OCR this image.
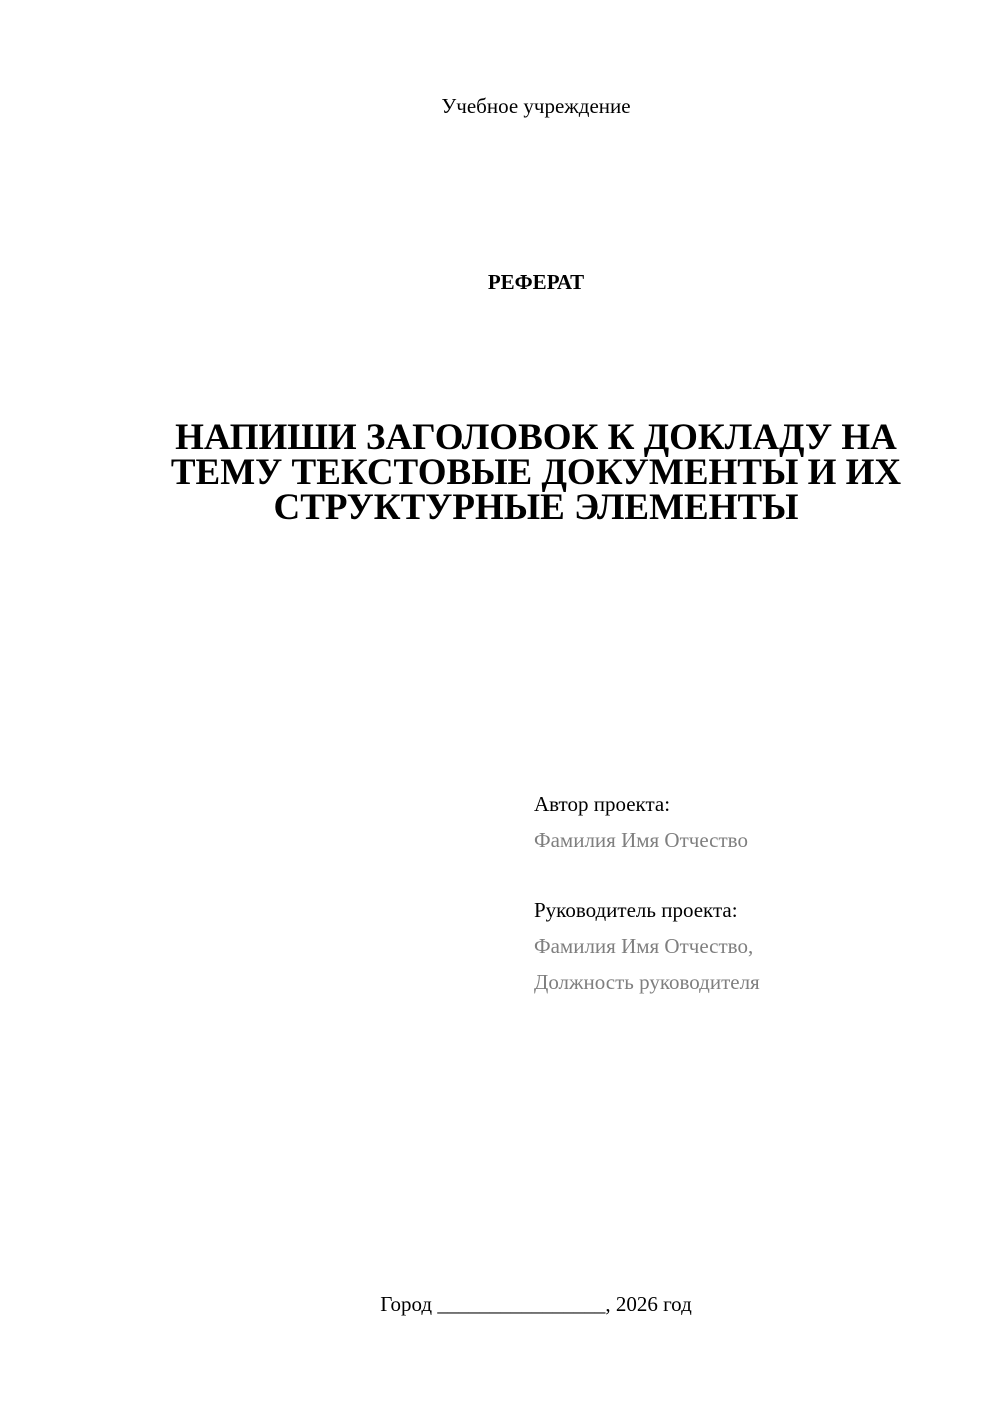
Учебное учреждение
РЕФЕРАТ
НАПИШИ ЗАГОЛОВОК К ДОКЛАДУ НА
ТЕМУ ТЕКСТОВЫЕ ДОКУМЕНТЫ И ИХ
СТРУКТУРНЫЕ ЭЛЕМЕНТЫ
Автор проекта:
Фамилия Имя Отчество
Руководитель проекта:
Фамилия Имя Отчество,
Должность руководителя
Город ________________, 2026 год
